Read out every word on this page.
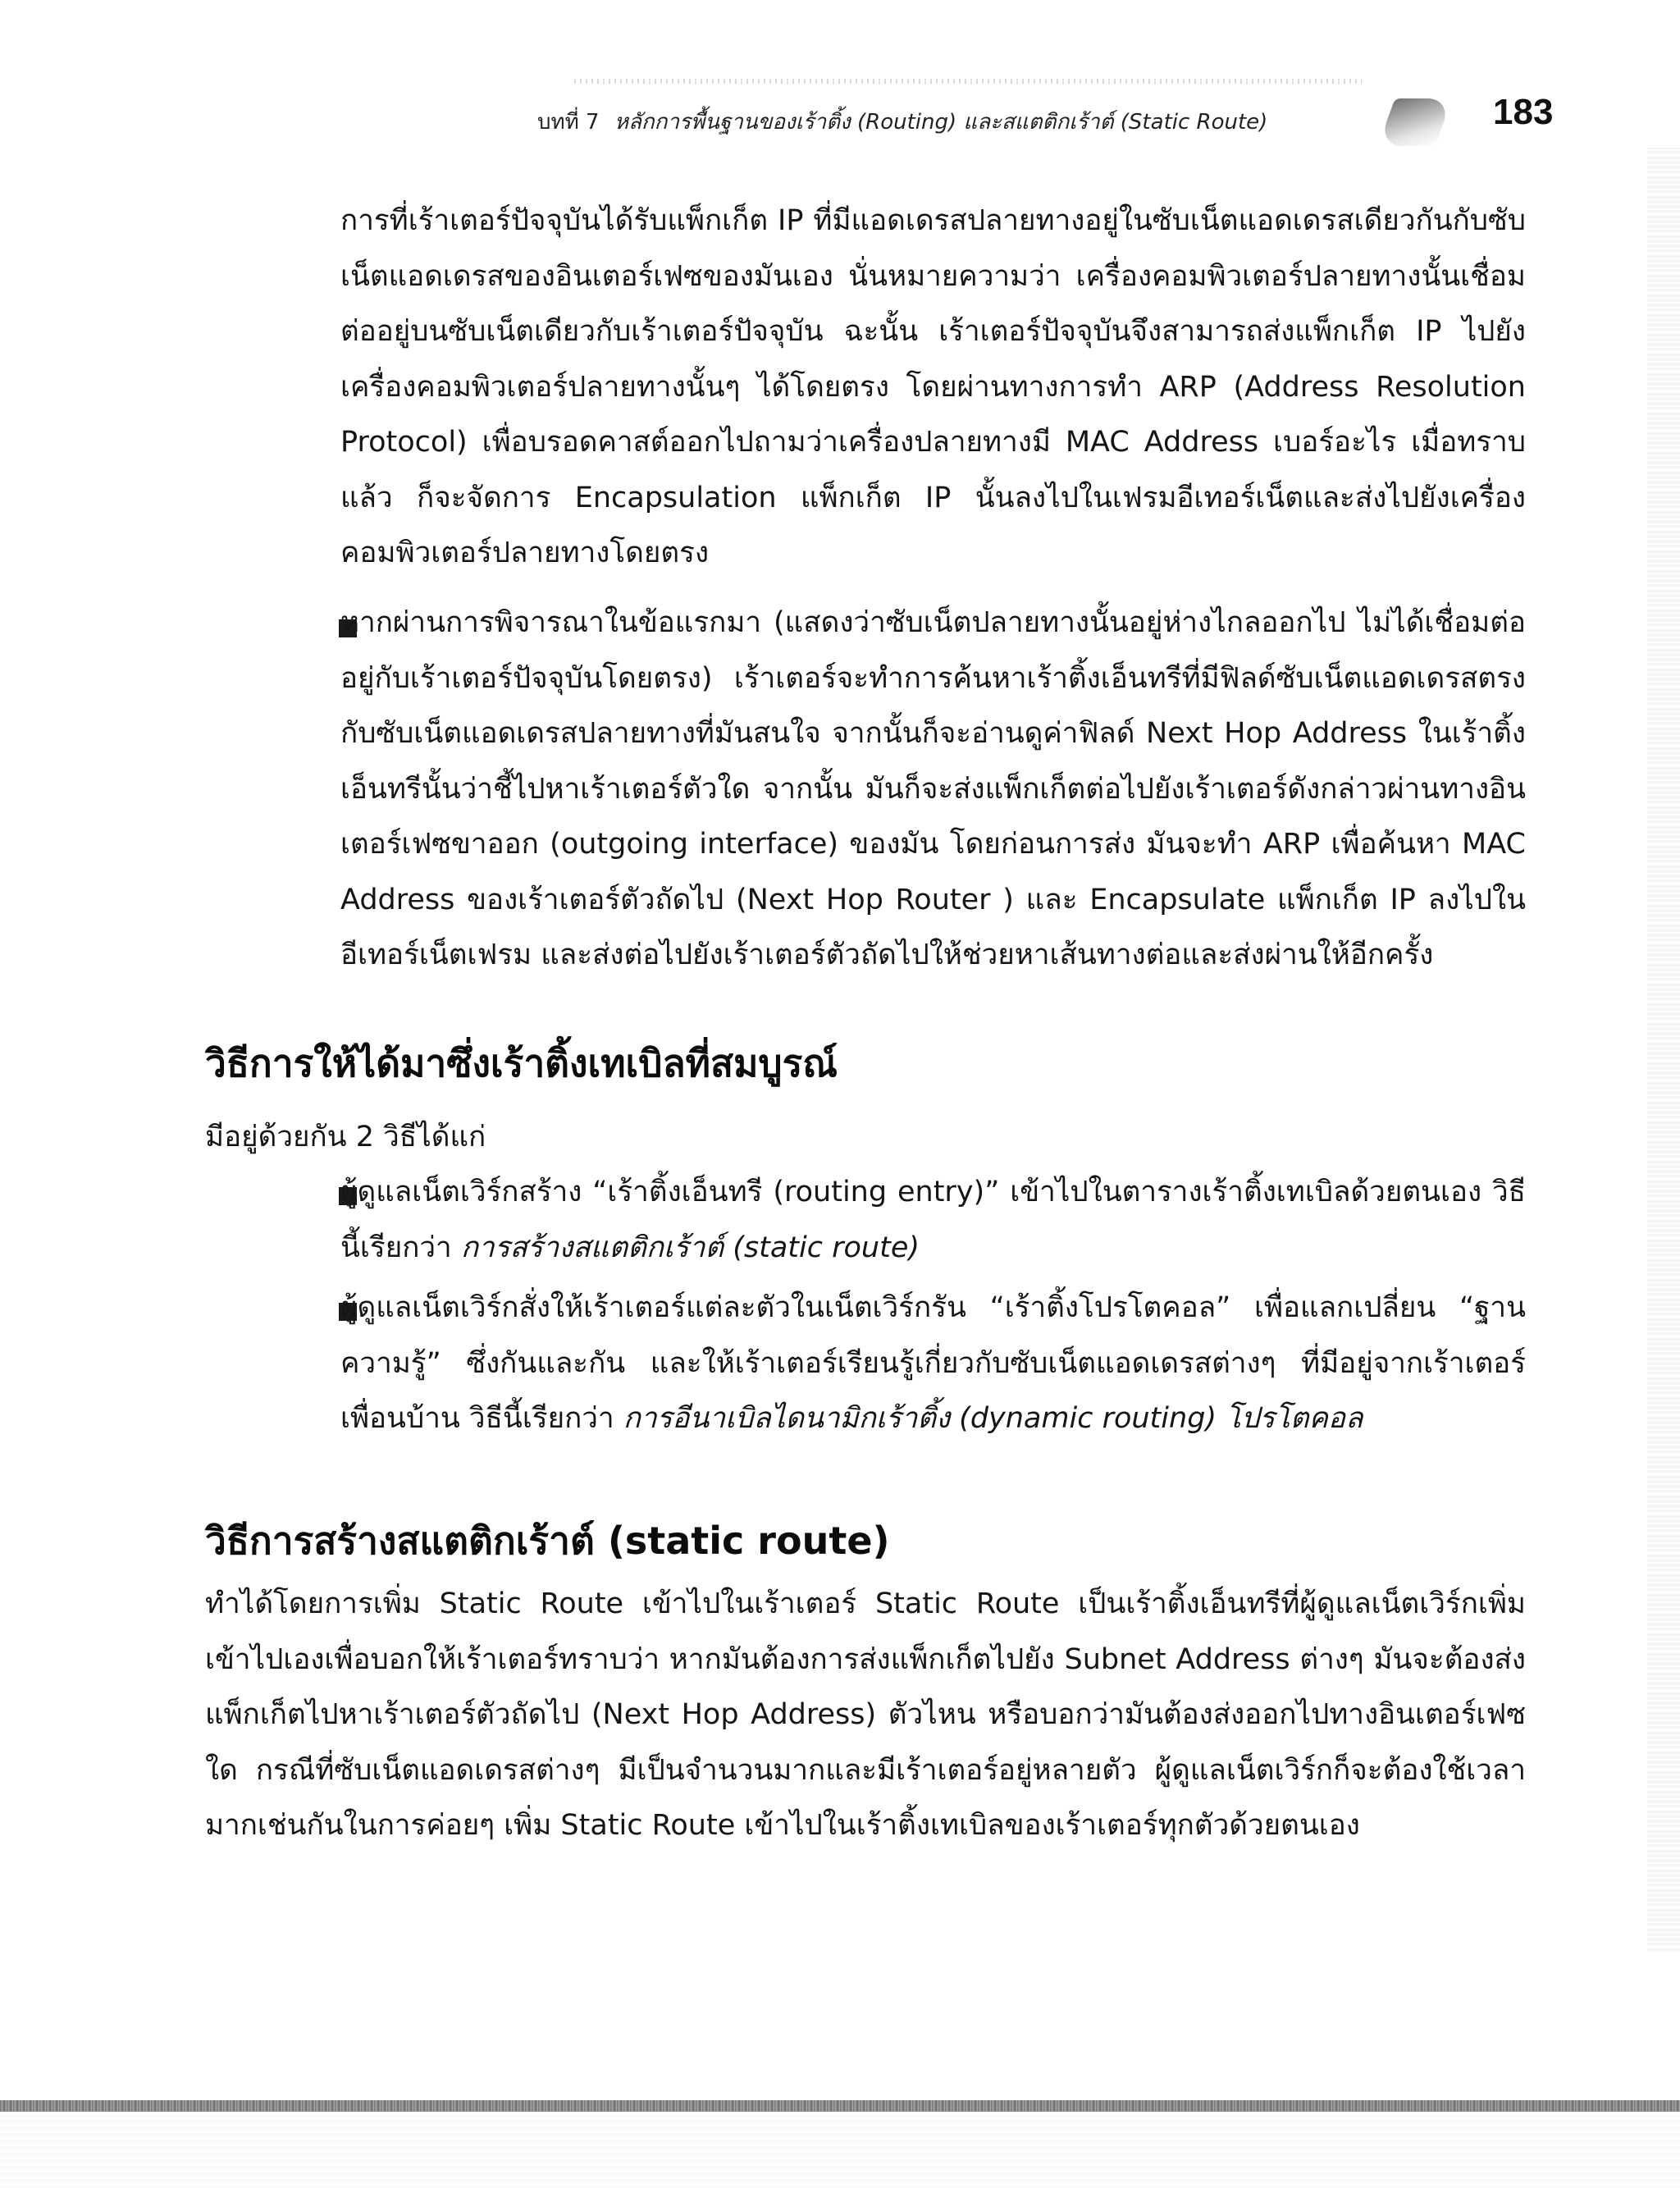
บทที่ 7 หลักการพื้นฐานของเร้าติ้ง (Routing) และสแตติกเร้าต์ (Static Route)	183
การที่เร้าเตอร์ปัจจุบันได้รับแพ็กเก็ต IP ที่มีแอดเดรสปลายทางอยู่ในซับเน็ตแอดเดรสเดียวกันกับซับเน็ตแอดเดรสของอินเตอร์เฟซของมันเอง นั่นหมายความว่า เครื่องคอมพิวเตอร์ปลายทางนั้นเชื่อมต่ออยู่บนซับเน็ตเดียวกับเร้าเตอร์ปัจจุบัน ฉะนั้น เร้าเตอร์ปัจจุบันจึงสามารถส่งแพ็กเก็ต IP ไปยังเครื่องคอมพิวเตอร์ปลายทางนั้นๆ ได้โดยตรง โดยผ่านทางการทำ ARP (Address Resolution Protocol) เพื่อบรอดคาสต์ออกไปถามว่าเครื่องปลายทางมี MAC Address เบอร์อะไร เมื่อทราบแล้ว ก็จะจัดการ Encapsulation แพ็กเก็ต IP นั้นลงไปในเฟรมอีเทอร์เน็ตและส่งไปยังเครื่องคอมพิวเตอร์ปลายทางโดยตรง
หากผ่านการพิจารณาในข้อแรกมา (แสดงว่าซับเน็ตปลายทางนั้นอยู่ห่างไกลออกไป ไม่ได้เชื่อมต่ออยู่กับเร้าเตอร์ปัจจุบันโดยตรง) เร้าเตอร์จะทำการค้นหาเร้าติ้งเอ็นทรีที่มีฟิลด์ซับเน็ตแอดเดรสตรงกับซับเน็ตแอดเดรสปลายทางที่มันสนใจ จากนั้นก็จะอ่านดูค่าฟิลด์ Next Hop Address ในเร้าติ้งเอ็นทรีนั้นว่าชี้ไปหาเร้าเตอร์ตัวใด จากนั้น มันก็จะส่งแพ็กเก็ตต่อไปยังเร้าเตอร์ดังกล่าวผ่านทางอินเตอร์เฟซขาออก (outgoing interface) ของมัน โดยก่อนการส่ง มันจะทำ ARP เพื่อค้นหา MAC Address ของเร้าเตอร์ตัวถัดไป (Next Hop Router ) และ Encapsulate แพ็กเก็ต IP ลงไปในอีเทอร์เน็ตเฟรม และส่งต่อไปยังเร้าเตอร์ตัวถัดไปให้ช่วยหาเส้นทางต่อและส่งผ่านให้อีกครั้ง
วิธีการให้ได้มาซึ่งเร้าติ้งเทเบิลที่สมบูรณ์
มีอยู่ด้วยกัน 2 วิธีได้แก่
ผู้ดูแลเน็ตเวิร์กสร้าง “เร้าติ้งเอ็นทรี (routing entry)” เข้าไปในตารางเร้าติ้งเทเบิลด้วยตนเอง วิธีนี้เรียกว่า การสร้างสแตติกเร้าต์ (static route)
ผู้ดูแลเน็ตเวิร์กสั่งให้เร้าเตอร์แต่ละตัวในเน็ตเวิร์กรัน “เร้าติ้งโปรโตคอล” เพื่อแลกเปลี่ยน “ฐานความรู้” ซึ่งกันและกัน และให้เร้าเตอร์เรียนรู้เกี่ยวกับซับเน็ตแอดเดรสต่างๆ ที่มีอยู่จากเร้าเตอร์เพื่อนบ้าน วิธีนี้เรียกว่า การอีนาเบิลไดนามิกเร้าติ้ง (dynamic routing) โปรโตคอล
วิธีการสร้างสแตติกเร้าต์ (static route)
ทำได้โดยการเพิ่ม Static Route เข้าไปในเร้าเตอร์ Static Route เป็นเร้าติ้งเอ็นทรีที่ผู้ดูแลเน็ตเวิร์กเพิ่มเข้าไปเองเพื่อบอกให้เร้าเตอร์ทราบว่า หากมันต้องการส่งแพ็กเก็ตไปยัง Subnet Address ต่างๆ มันจะต้องส่งแพ็กเก็ตไปหาเร้าเตอร์ตัวถัดไป (Next Hop Address) ตัวไหน หรือบอกว่ามันต้องส่งออกไปทางอินเตอร์เฟซใด กรณีที่ซับเน็ตแอดเดรสต่างๆ มีเป็นจำนวนมากและมีเร้าเตอร์อยู่หลายตัว ผู้ดูแลเน็ตเวิร์กก็จะต้องใช้เวลามากเช่นกันในการค่อยๆ เพิ่ม Static Route เข้าไปในเร้าติ้งเทเบิลของเร้าเตอร์ทุกตัวด้วยตนเอง
